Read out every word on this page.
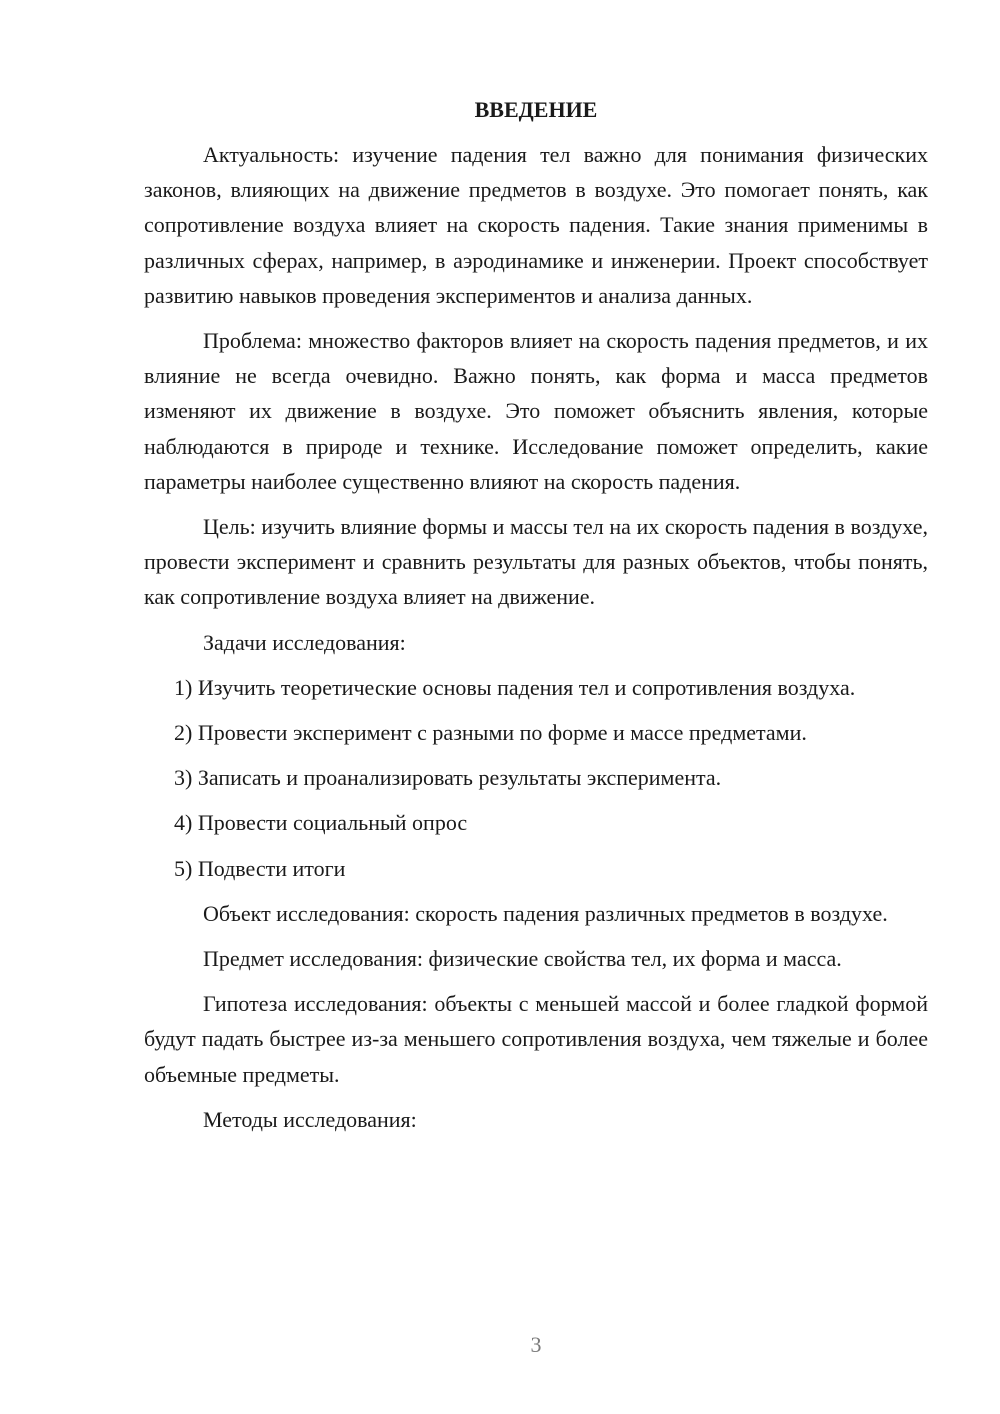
ВВЕДЕНИЕ

Актуальность: изучение падения тел важно для понимания физических законов, влияющих на движение предметов в воздухе. Это помогает понять, как сопротивление воздуха влияет на скорость падения. Такие знания применимы в различных сферах, например, в аэродинамике и инженерии. Проект способствует развитию навыков проведения экспериментов и анализа данных.

Проблема: множество факторов влияет на скорость падения предметов, и их влияние не всегда очевидно. Важно понять, как форма и масса предметов изменяют их движение в воздухе. Это поможет объяснить явления, которые наблюдаются в природе и технике. Исследование поможет определить, какие параметры наиболее существенно влияют на скорость падения.

Цель: изучить влияние формы и массы тел на их скорость падения в воздухе, провести эксперимент и сравнить результаты для разных объектов, чтобы понять, как сопротивление воздуха влияет на движение.

Задачи исследования:

1) Изучить теоретические основы падения тел и сопротивления воздуха.

2) Провести эксперимент с разными по форме и массе предметами.

3) Записать и проанализировать результаты эксперимента.

4) Провести социальный опрос

5) Подвести итоги

Объект исследования: скорость падения различных предметов в воздухе.

Предмет исследования: физические свойства тел, их форма и масса.

Гипотеза исследования: объекты с меньшей массой и более гладкой формой будут падать быстрее из-за меньшего сопротивления воздуха, чем тяжелые и более объемные предметы.

Методы исследования:

3
